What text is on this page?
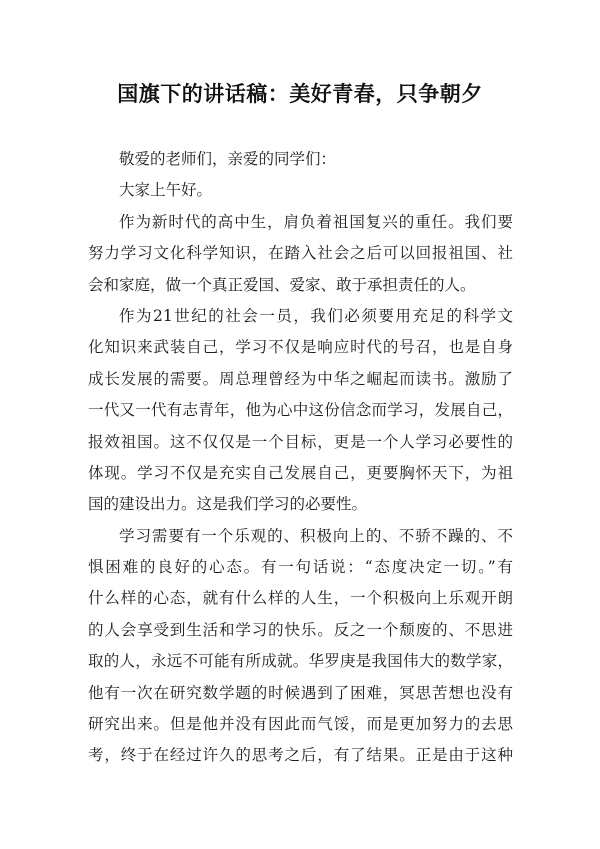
国旗下的讲话稿：美好青春，只争朝夕
敬爱的老师们，亲爱的同学们：
大家上午好。
作为新时代的高中生，肩负着祖国复兴的重任。我们要
努力学习文化科学知识，在踏入社会之后可以回报祖国、社
会和家庭，做一个真正爱国、爱家、敢于承担责任的人。
作为21世纪的社会一员，我们必须要用充足的科学文
化知识来武装自己，学习不仅是响应时代的号召，也是自身
成长发展的需要。周总理曾经为中华之崛起而读书。激励了
一代又一代有志青年，他为心中这份信念而学习，发展自己，
报效祖国。这不仅仅是一个目标，更是一个人学习必要性的
体现。学习不仅是充实自己发展自己，更要胸怀天下，为祖
国的建设出力。这是我们学习的必要性。
学习需要有一个乐观的、积极向上的、不骄不躁的、不
惧困难的良好的心态。有一句话说：“态度决定一切。”有
什么样的心态，就有什么样的人生，一个积极向上乐观开朗
的人会享受到生活和学习的快乐。反之一个颓废的、不思进
取的人，永远不可能有所成就。华罗庚是我国伟大的数学家，
他有一次在研究数学题的时候遇到了困难，冥思苦想也没有
研究出来。但是他并没有因此而气馁，而是更加努力的去思
考，终于在经过许久的思考之后，有了结果。正是由于这种
